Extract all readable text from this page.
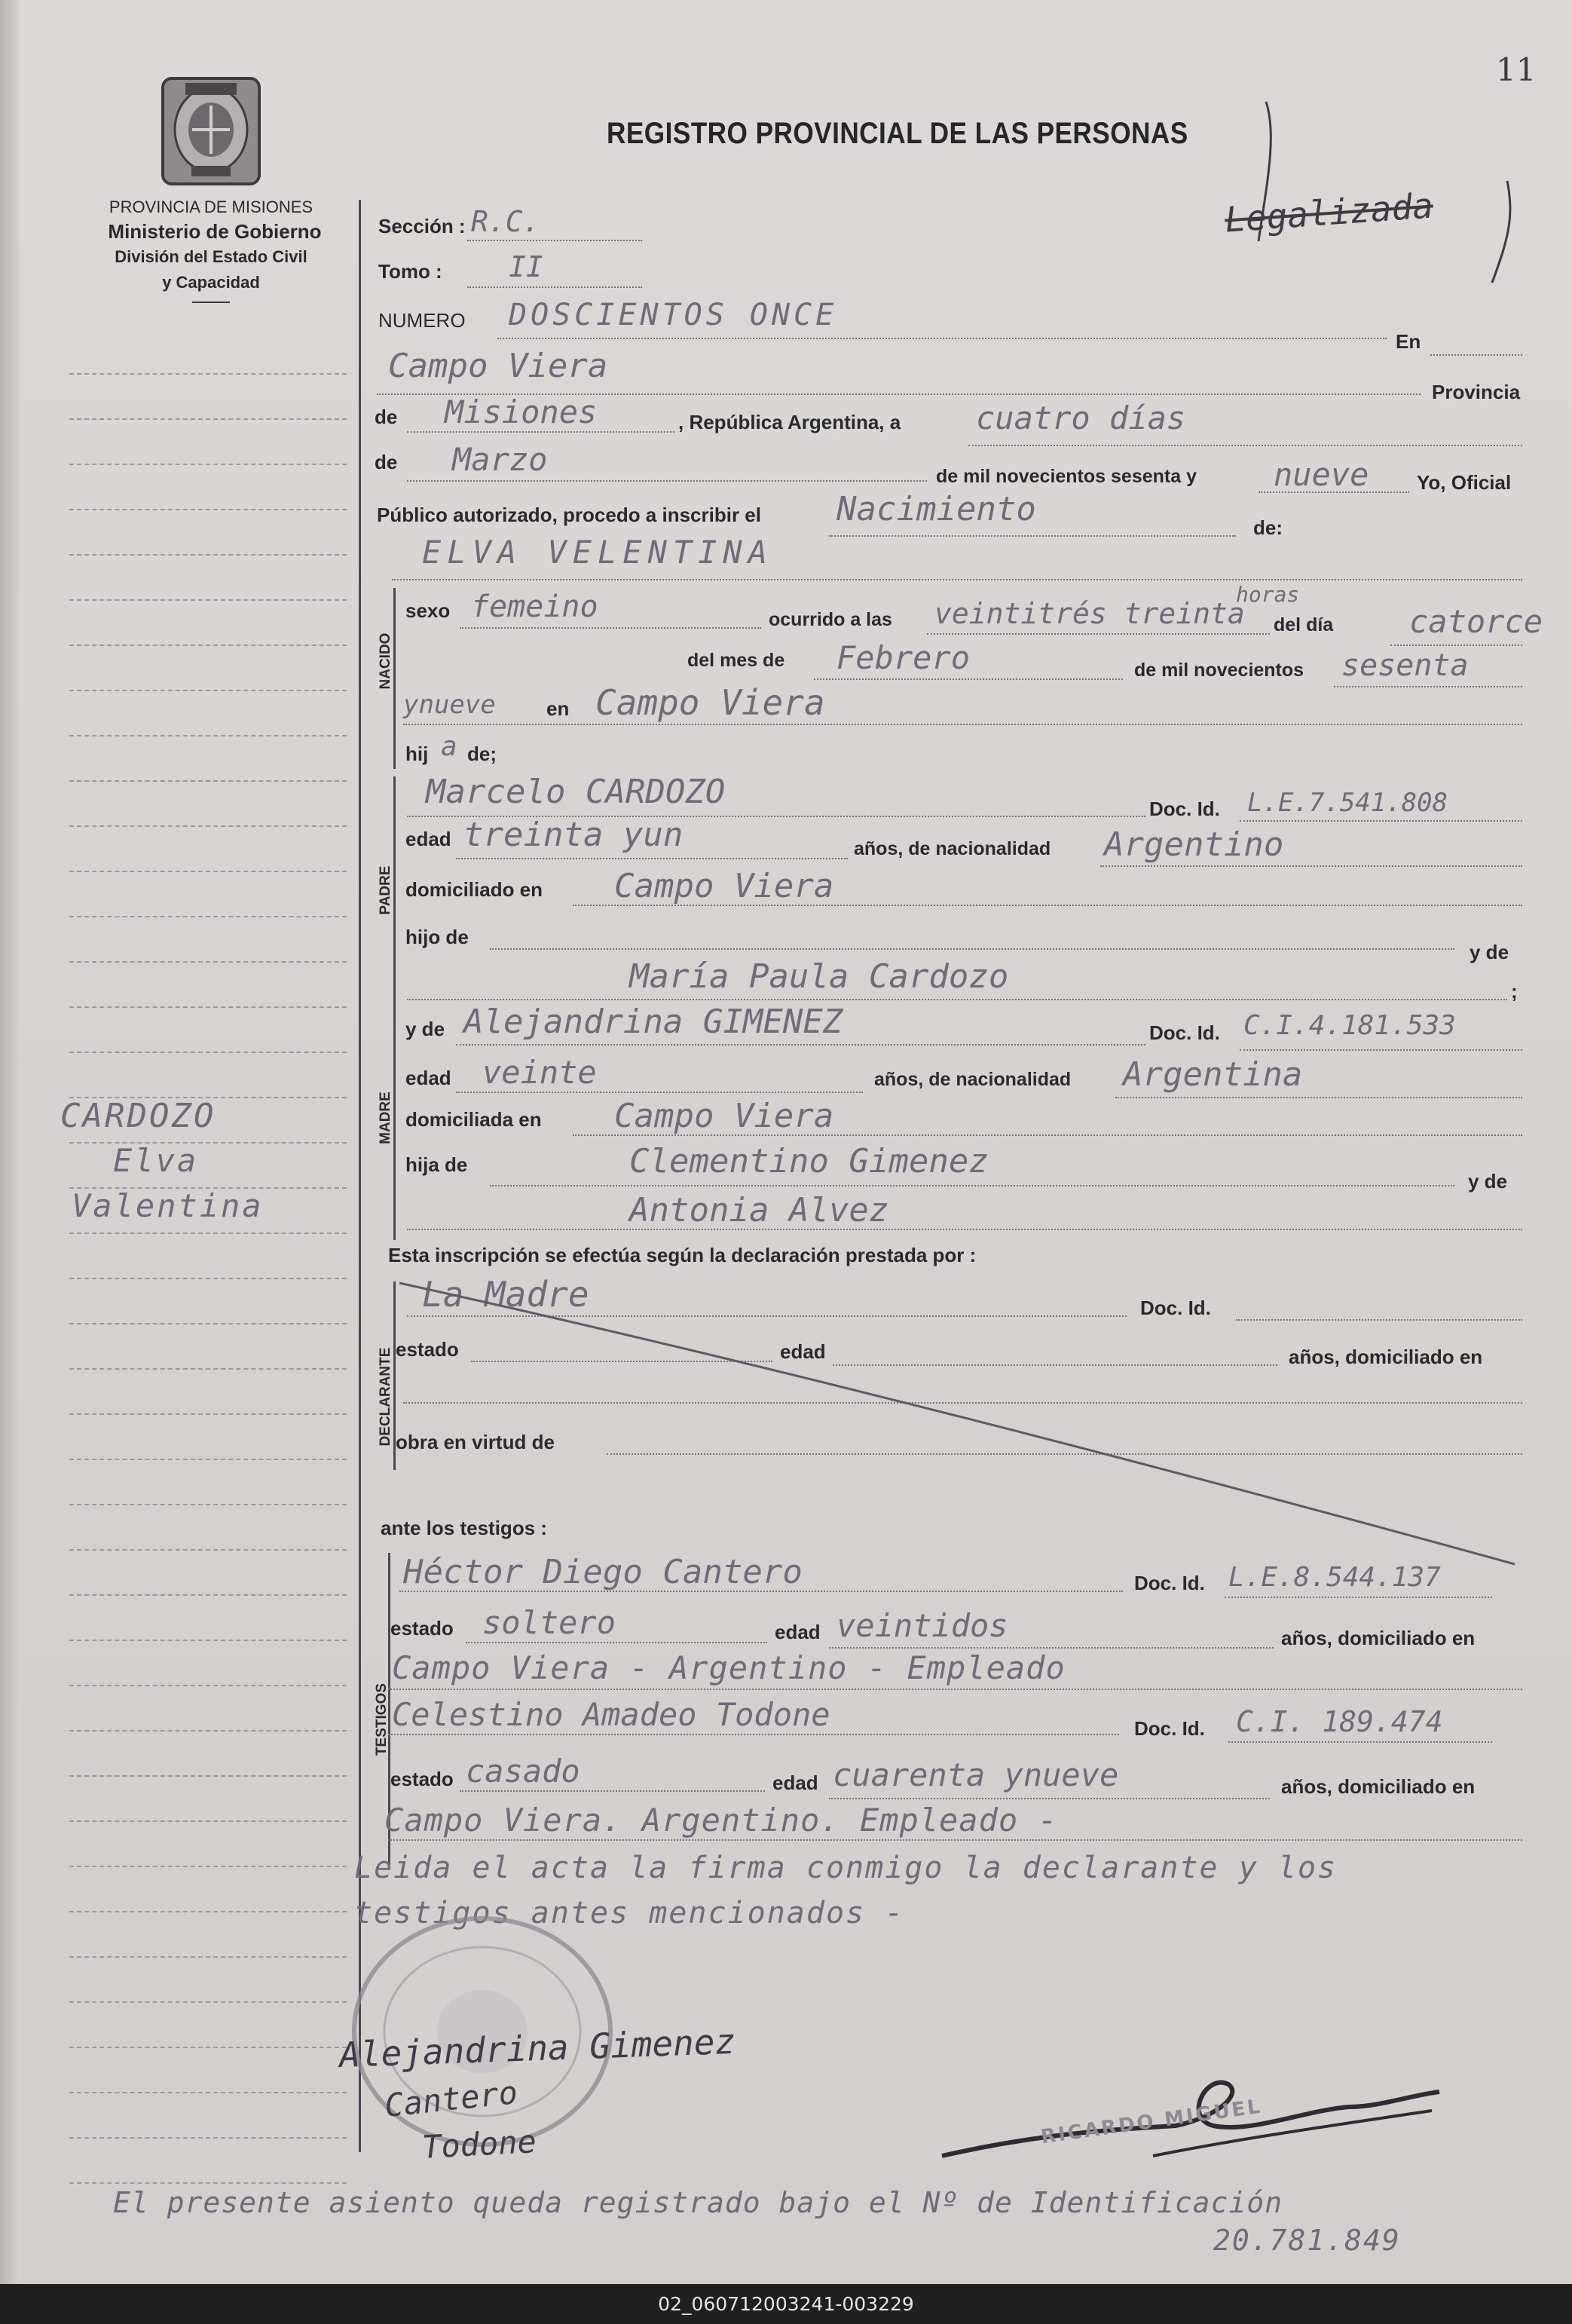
11
PROVINCIA DE MISIONES
Ministerio de Gobierno
División del Estado Civil
y Capacidad
REGISTRO PROVINCIAL DE LAS PERSONAS
Legalizada
CARDOZO
Elva
Valentina
Sección : R.C.
Tomo : II
NUMERO DOSCIENTOS ONCE
En
Campo Viera
Provincia
de Misiones	, República Argentina, a cuatro días
de Marzo	de mil novecientos sesenta y nueve Yo, Oficial
Público autorizado, procedo a inscribir el Nacimiento	de:
ELVA VELENTINA
NACIDO
sexo femeino	ocurrido a las veintitrés treinta
horas
del día catorce
del mes de Febrero	de mil novecientos sesenta
ynueve	en Campo Viera
hij a de;
PADRE
Marcelo CARDOZO	Doc. Id. L.E.7.541.808
edad treinta yun	años, de nacionalidad Argentino
domiciliado en Campo Viera
hijo de
y de
María Paula Cardozo	;
MADRE
y de Alejandrina GIMENEZ	Doc. Id. C.I.4.181.533
edad veinte	años, de nacionalidad Argentina
domiciliada en Campo Viera
hija de	Clementino Gimenez
y de
Antonia Alvez
Esta inscripción se efectúa según la declaración prestada por :
DECLARANTE
La Madre	Doc. Id.
estado	edad	años, domiciliado en
obra en virtud de
ante los testigos :
TESTIGOS
Héctor Diego Cantero	Doc. Id. L.E.8.544.137
estado soltero	edad veintidos	años, domiciliado en
Campo Viera - Argentino - Empleado
Celestino Amadeo Todone	Doc. Id. C.I. 189.474
estado casado	edad cuarenta ynueve	años, domiciliado en
Campo Viera. Argentino. Empleado -
Leida el acta la firma conmigo la declarante y los
testigos antes mencionados -
Alejandrina Gimenez
Cantero
Todone	RICARDO MIGUEL
El presente asiento queda registrado bajo el Nº de Identificación
20.781.849
02_060712003241-003229
